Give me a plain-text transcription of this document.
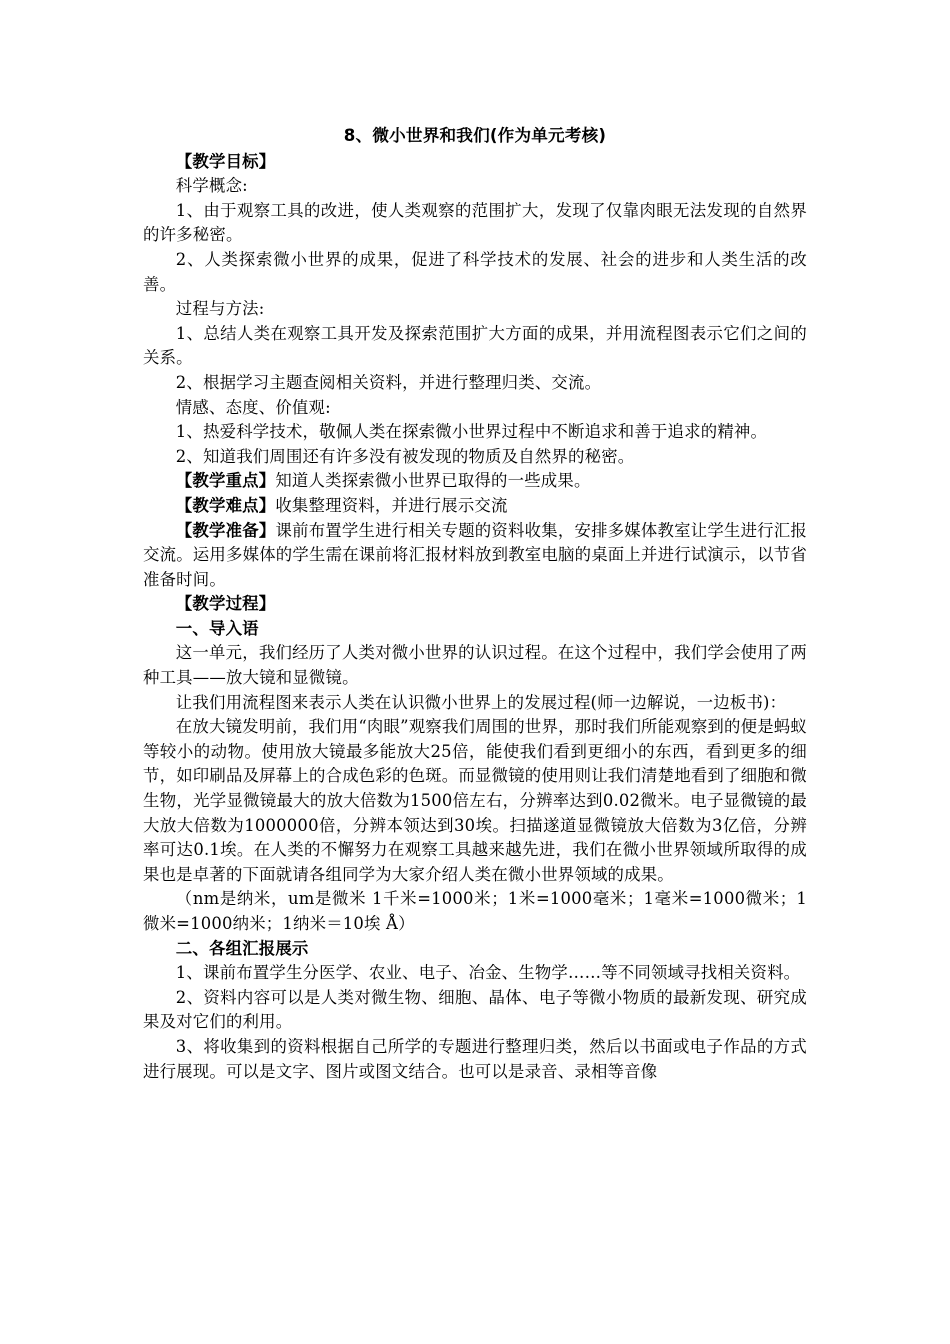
8、微小世界和我们(作为单元考核)
【教学目标】
科学概念:
1、由于观察工具的改进，使人类观察的范围扩大，发现了仅靠肉眼无法发现的自然界的许多秘密。
2、人类探索微小世界的成果，促进了科学技术的发展、社会的进步和人类生活的改善。
过程与方法:
1、总结人类在观察工具开发及探索范围扩大方面的成果，并用流程图表示它们之间的关系。
2、根据学习主题查阅相关资料，并进行整理归类、交流。
情感、态度、价值观:
1、热爱科学技术，敬佩人类在探索微小世界过程中不断追求和善于追求的精神。
2、知道我们周围还有许多没有被发现的物质及自然界的秘密。
【教学重点】知道人类探索微小世界已取得的一些成果。
【教学难点】收集整理资料，并进行展示交流
【教学准备】课前布置学生进行相关专题的资料收集，安排多媒体教室让学生进行汇报交流。运用多媒体的学生需在课前将汇报材料放到教室电脑的桌面上并进行试演示，以节省准备时间。
【教学过程】
一、导入语
这一单元，我们经历了人类对微小世界的认识过程。在这个过程中，我们学会使用了两种工具——放大镜和显微镜。
让我们用流程图来表示人类在认识微小世界上的发展过程(师一边解说，一边板书)：
在放大镜发明前，我们用“肉眼”观察我们周围的世界，那时我们所能观察到的便是蚂蚁等较小的动物。使用放大镜最多能放大25倍，能使我们看到更细小的东西，看到更多的细节，如印刷品及屏幕上的合成色彩的色斑。而显微镜的使用则让我们清楚地看到了细胞和微生物，光学显微镜最大的放大倍数为1500倍左右，分辨率达到0.02微米。电子显微镜的最大放大倍数为1000000倍，分辨本领达到30埃。扫描遂道显微镜放大倍数为3亿倍，分辨率可达0.1埃。在人类的不懈努力在观察工具越来越先进，我们在微小世界领域所取得的成果也是卓著的下面就请各组同学为大家介绍人类在微小世界领域的成果。
（nm是纳米，um是微米 1千米=1000米；1米=1000毫米；1毫米=1000微米；1微米=1000纳米；1纳米＝10埃 Å）
二、各组汇报展示
1、课前布置学生分医学、农业、电子、冶金、生物学……等不同领域寻找相关资料。
2、资料内容可以是人类对微生物、细胞、晶体、电子等微小物质的最新发现、研究成果及对它们的利用。
3、将收集到的资料根据自己所学的专题进行整理归类，然后以书面或电子作品的方式进行展现。可以是文字、图片或图文结合。也可以是录音、录相等音像
